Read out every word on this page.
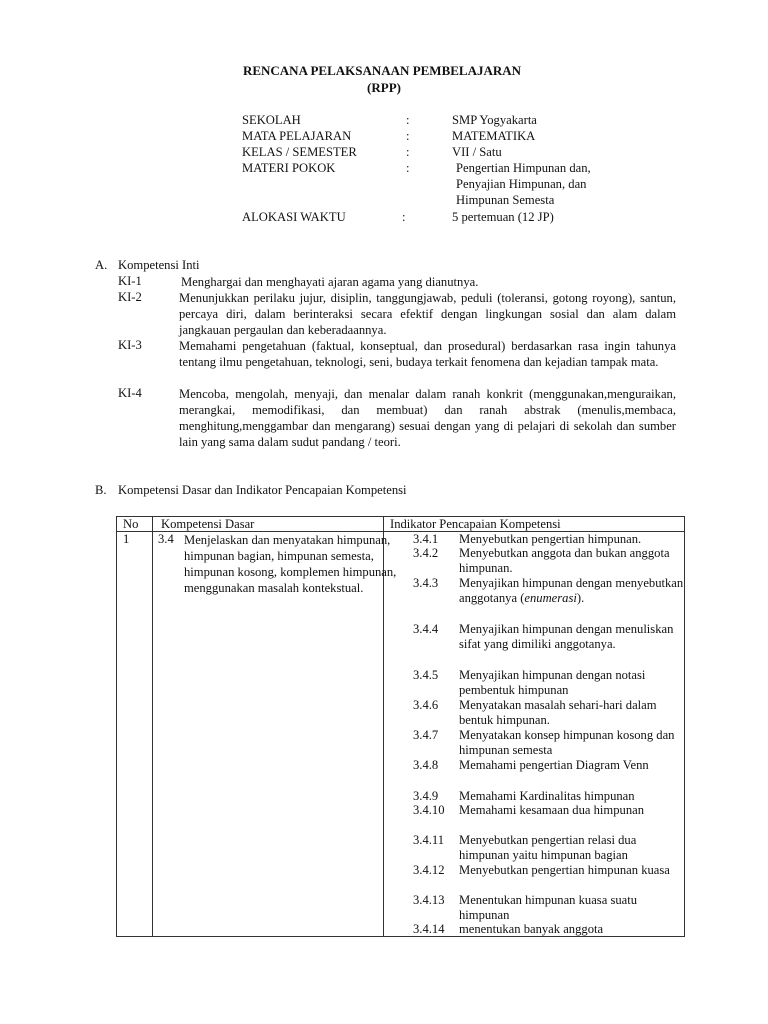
RENCANA PELAKSANAAN PEMBELAJARAN
(RPP)
SEKOLAH	:	SMP Yogyakarta
MATA PELAJARAN	:	MATEMATIKA
KELAS / SEMESTER	:	VII / Satu
MATERI POKOK	:	Pengertian Himpunan dan,
Penyajian Himpunan, dan
Himpunan Semesta
ALOKASI WAKTU	:	5 pertemuan (12 JP)
A. Kompetensi Inti
KI-1	Menghargai dan menghayati ajaran agama yang dianutnya.
KI-2	Menunjukkan perilaku jujur, disiplin, tanggungjawab, peduli (toleransi, gotong royong), santun, percaya diri, dalam berinteraksi secara efektif dengan lingkungan sosial dan alam dalam jangkauan pergaulan dan keberadaannya.
KI-3	Memahami pengetahuan (faktual, konseptual, dan prosedural) berdasarkan rasa ingin tahunya tentang ilmu pengetahuan, teknologi, seni, budaya terkait fenomena dan kejadian tampak mata.
KI-4	Mencoba, mengolah, menyaji, dan menalar dalam ranah konkrit (menggunakan,menguraikan, merangkai, memodifikasi, dan membuat) dan ranah abstrak (menulis,membaca, menghitung,menggambar dan mengarang) sesuai dengan yang di pelajari di sekolah dan sumber lain yang sama dalam sudut pandang / teori.
B. Kompetensi Dasar dan Indikator Pencapaian Kompetensi
No Kompetensi Dasar	Indikator Pencapaian Kompetensi
1 3.4 Menjelaskan dan menyatakan himpunan, himpunan bagian, himpunan semesta, himpunan kosong, komplemen himpunan, menggunakan masalah kontekstual.
3.4.1 Menyebutkan pengertian himpunan.
3.4.2 Menyebutkan anggota dan bukan anggota himpunan.
3.4.3 Menyajikan himpunan dengan menyebutkan anggotanya (enumerasi).
3.4.4 Menyajikan himpunan dengan menuliskan sifat yang dimiliki anggotanya.
3.4.5 Menyajikan himpunan dengan notasi pembentuk himpunan
3.4.6 Menyatakan masalah sehari-hari dalam bentuk himpunan.
3.4.7 Menyatakan konsep himpunan kosong dan himpunan semesta
3.4.8 Memahami pengertian Diagram Venn
3.4.9 Memahami Kardinalitas himpunan
3.4.10 Memahami kesamaan dua himpunan
3.4.11 Menyebutkan pengertian relasi dua himpunan yaitu himpunan bagian
3.4.12 Menyebutkan pengertian himpunan kuasa
3.4.13 Menentukan himpunan kuasa suatu himpunan
3.4.14 menentukan banyak anggota
